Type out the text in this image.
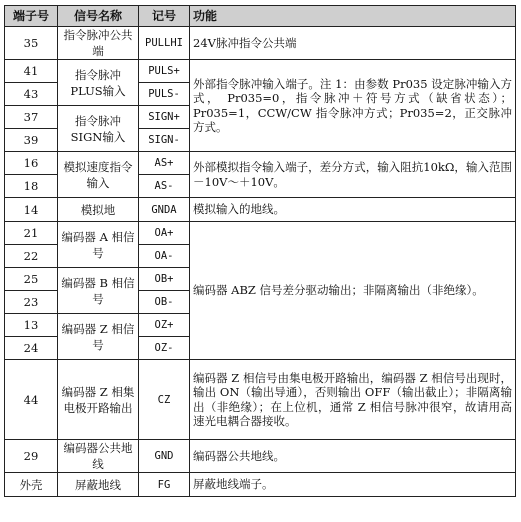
端子号	信号名称	记号	功能
35	指令脉冲公共端	PULLHI	24V脉冲指令公共端
41	指令脉冲PLUS输入	PULS+	外部指令脉冲输入端子。注 1：由参数 Pr035 设定脉冲输入方式， Pr035=0，指令脉冲＋符号方式（缺省状态）；Pr035=1，CCW/CW 指令脉冲方式；Pr035=2，正交脉冲方式。
43		PULS-	
37	指令脉冲SIGN输入	SIGN+	
39		SIGN-	
16	模拟速度指令输入	AS+	外部模拟指令输入端子，差分方式，输入阻抗10kΩ，输入范围－10V～＋10V。
18		AS-	
14	模拟地	GNDA	模拟输入的地线。
21	编码器 A 相信号	OA+	编码器 ABZ 信号差分驱动输出；非隔离输出（非绝缘）。
22		OA-	
25	编码器 B 相信号	OB+	
23		OB-	
13	编码器 Z 相信号	OZ+	
24		OZ-	
44	编码器 Z 相集电极开路输出	CZ	编码器 Z 相信号由集电极开路输出，编码器 Z 相信号出现时，输出 ON（输出导通），否则输出 OFF（输出截止）；非隔离输出（非绝缘）；在上位机，通常 Z 相信号脉冲很窄，故请用高速光电耦合器接收。
29	编码器公共地线	GND	编码器公共地线。
外壳	屏蔽地线	FG	屏蔽地线端子。
